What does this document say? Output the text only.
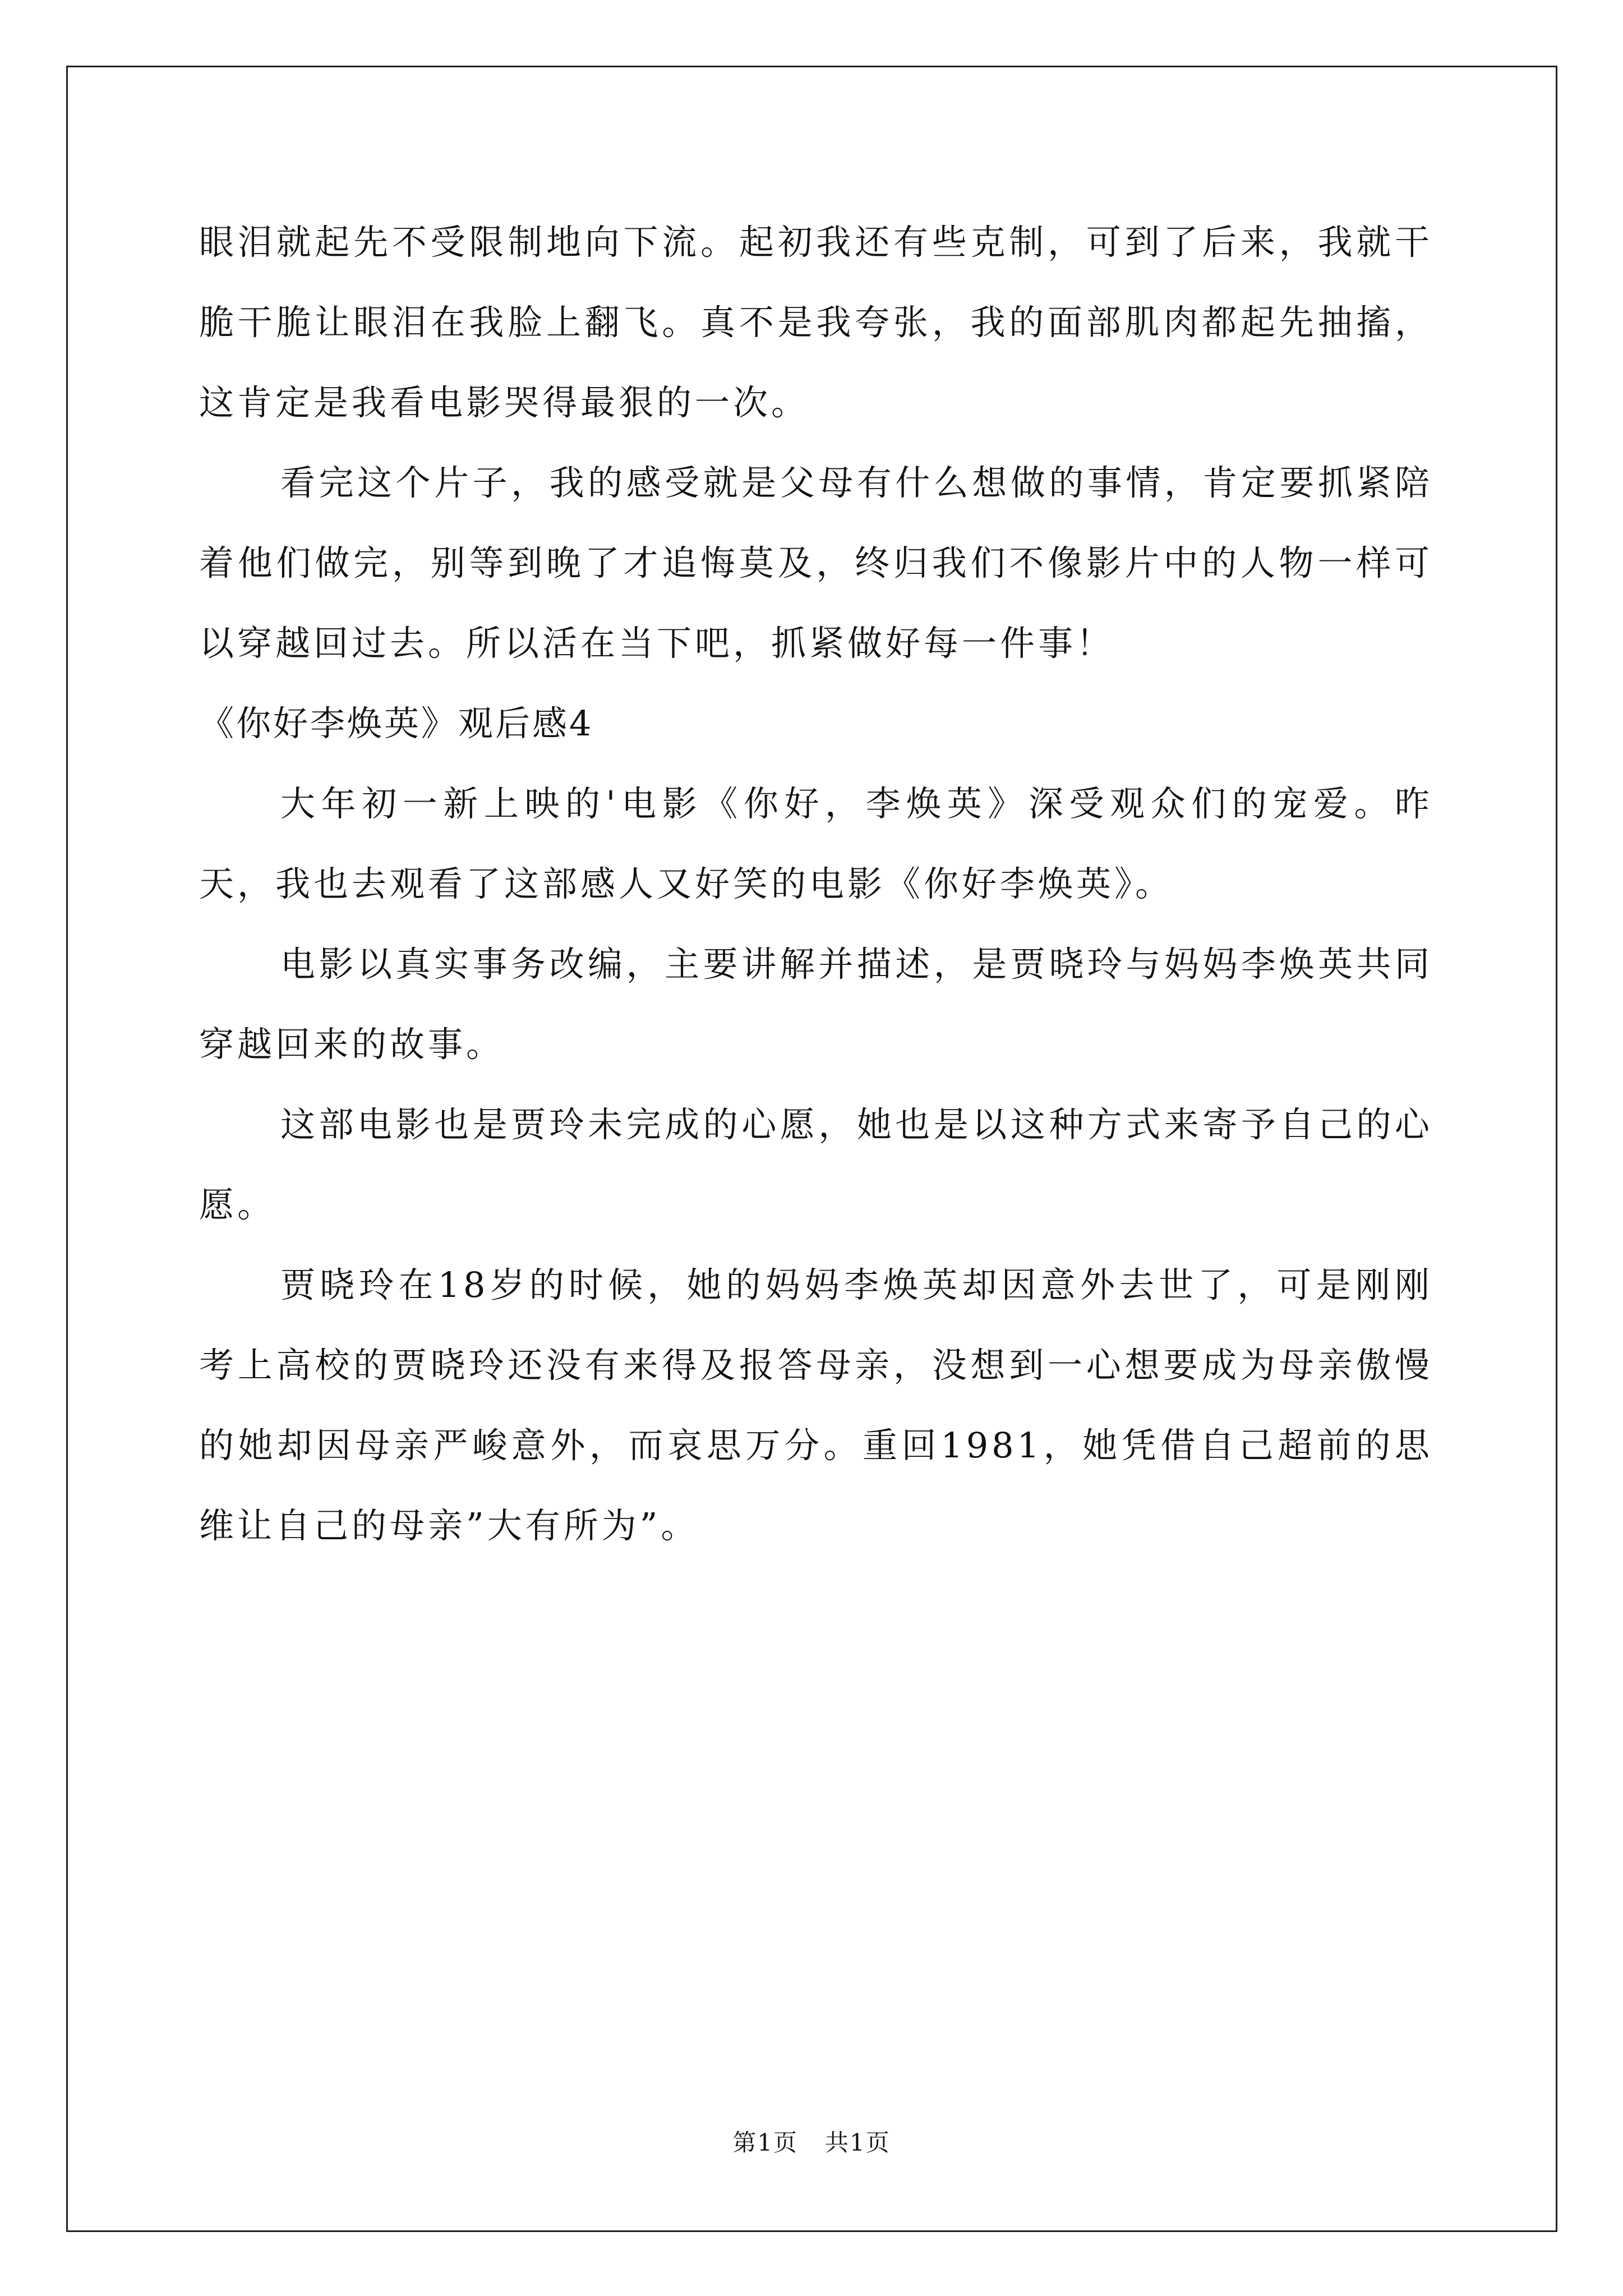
眼泪就起先不受限制地向下流。起初我还有些克制，可到了后来，我就干脆干脆让眼泪在我脸上翻飞。真不是我夸张，我的面部肌肉都起先抽搐，这肯定是我看电影哭得最狠的一次。

看完这个片子，我的感受就是父母有什么想做的事情，肯定要抓紧陪着他们做完，别等到晚了才追悔莫及，终归我们不像影片中的人物一样可以穿越回过去。所以活在当下吧，抓紧做好每一件事！

《你好李焕英》观后感4

大年初一新上映的'电影《你好，李焕英》深受观众们的宠爱。昨天，我也去观看了这部感人又好笑的电影《你好李焕英》。

电影以真实事务改编，主要讲解并描述，是贾晓玲与妈妈李焕英共同穿越回来的故事。

这部电影也是贾玲未完成的心愿，她也是以这种方式来寄予自己的心愿。

贾晓玲在18岁的时候，她的妈妈李焕英却因意外去世了，可是刚刚考上高校的贾晓玲还没有来得及报答母亲，没想到一心想要成为母亲傲慢的她却因母亲严峻意外，而哀思万分。重回1981，她凭借自己超前的思维让自己的母亲”大有所为”。

第1页 共1页
